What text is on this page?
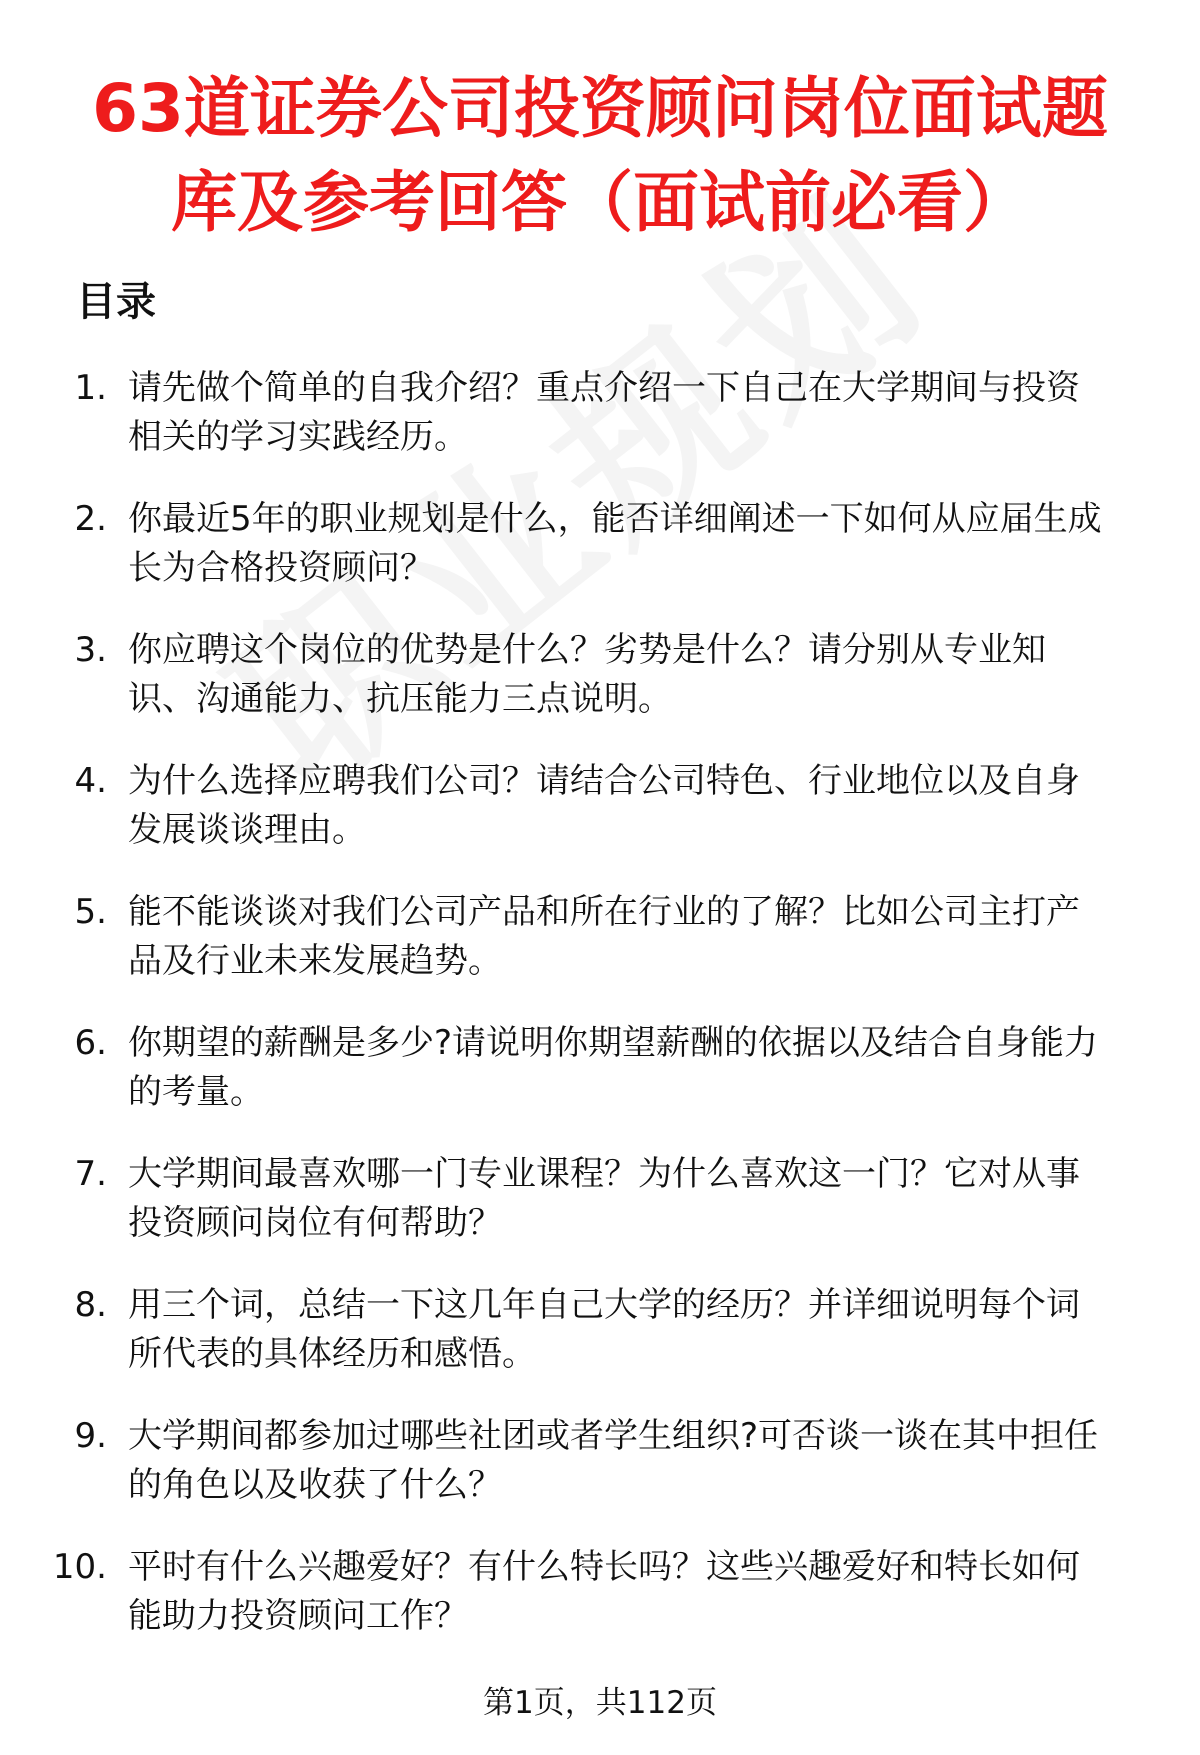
63道证券公司投资顾问岗位面试题
库及参考回答（面试前必看）
目录
1. 请先做个简单的自我介绍？重点介绍一下自己在大学期间与投资
相关的学习实践经历。
2. 你最近5年的职业规划是什么，能否详细阐述一下如何从应届生成
长为合格投资顾问？
3. 你应聘这个岗位的优势是什么？劣势是什么？请分别从专业知
识、沟通能力、抗压能力三点说明。
4. 为什么选择应聘我们公司？请结合公司特色、行业地位以及自身
发展谈谈理由。
5. 能不能谈谈对我们公司产品和所在行业的了解？比如公司主打产
品及行业未来发展趋势。
6. 你期望的薪酬是多少?请说明你期望薪酬的依据以及结合自身能力
的考量。
7. 大学期间最喜欢哪一门专业课程？为什么喜欢这一门？它对从事
投资顾问岗位有何帮助？
8. 用三个词，总结一下这几年自己大学的经历？并详细说明每个词
所代表的具体经历和感悟。
9. 大学期间都参加过哪些社团或者学生组织?可否谈一谈在其中担任
的角色以及收获了什么？
10. 平时有什么兴趣爱好？有什么特长吗？这些兴趣爱好和特长如何
能助力投资顾问工作？

第1页，共112页
